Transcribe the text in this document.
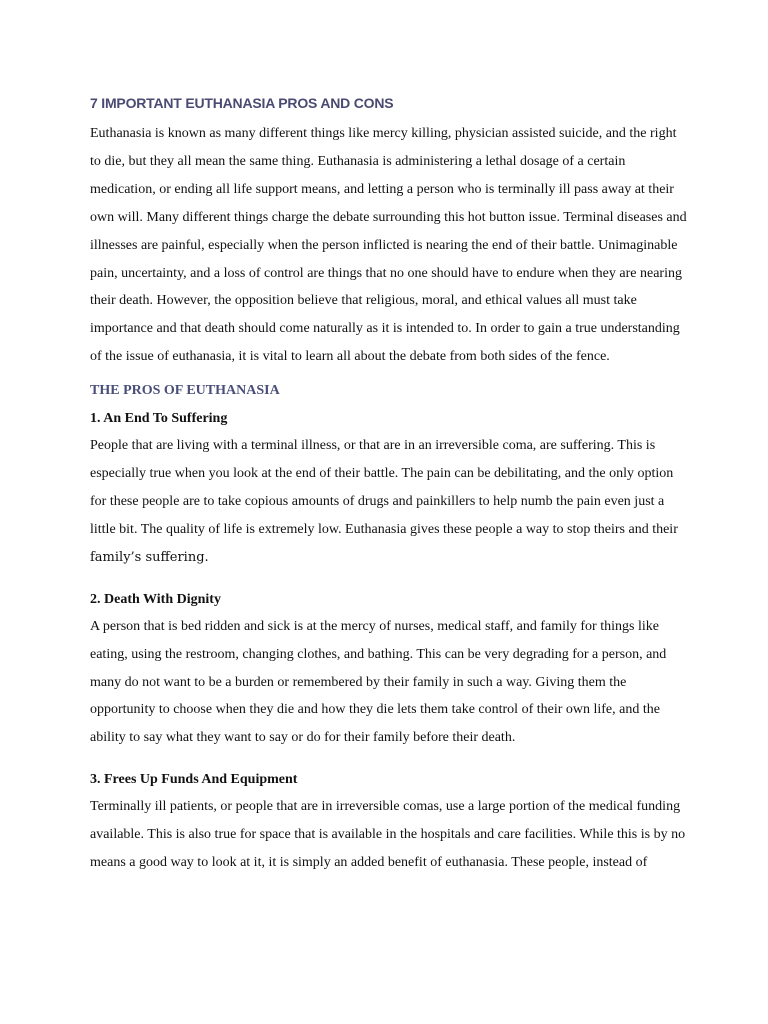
7 IMPORTANT EUTHANASIA PROS AND CONS

Euthanasia is known as many different things like mercy killing, physician assisted suicide, and the right to die, but they all mean the same thing. Euthanasia is administering a lethal dosage of a certain medication, or ending all life support means, and letting a person who is terminally ill pass away at their own will. Many different things charge the debate surrounding this hot button issue. Terminal diseases and illnesses are painful, especially when the person inflicted is nearing the end of their battle. Unimaginable pain, uncertainty, and a loss of control are things that no one should have to endure when they are nearing their death. However, the opposition believe that religious, moral, and ethical values all must take importance and that death should come naturally as it is intended to. In order to gain a true understanding of the issue of euthanasia, it is vital to learn all about the debate from both sides of the fence.

THE PROS OF EUTHANASIA
1. An End To Suffering

People that are living with a terminal illness, or that are in an irreversible coma, are suffering. This is especially true when you look at the end of their battle. The pain can be debilitating, and the only option for these people are to take copious amounts of drugs and painkillers to help numb the pain even just a little bit. The quality of life is extremely low. Euthanasia gives these people a way to stop theirs and their
family’s suffering.

2. Death With Dignity

A person that is bed ridden and sick is at the mercy of nurses, medical staff, and family for things like eating, using the restroom, changing clothes, and bathing. This can be very degrading for a person, and many do not want to be a burden or remembered by their family in such a way. Giving them the opportunity to choose when they die and how they die lets them take control of their own life, and the ability to say what they want to say or do for their family before their death.

3. Frees Up Funds And Equipment

Terminally ill patients, or people that are in irreversible comas, use a large portion of the medical funding available. This is also true for space that is available in the hospitals and care facilities. While this is by no means a good way to look at it, it is simply an added benefit of euthanasia. These people, instead of
